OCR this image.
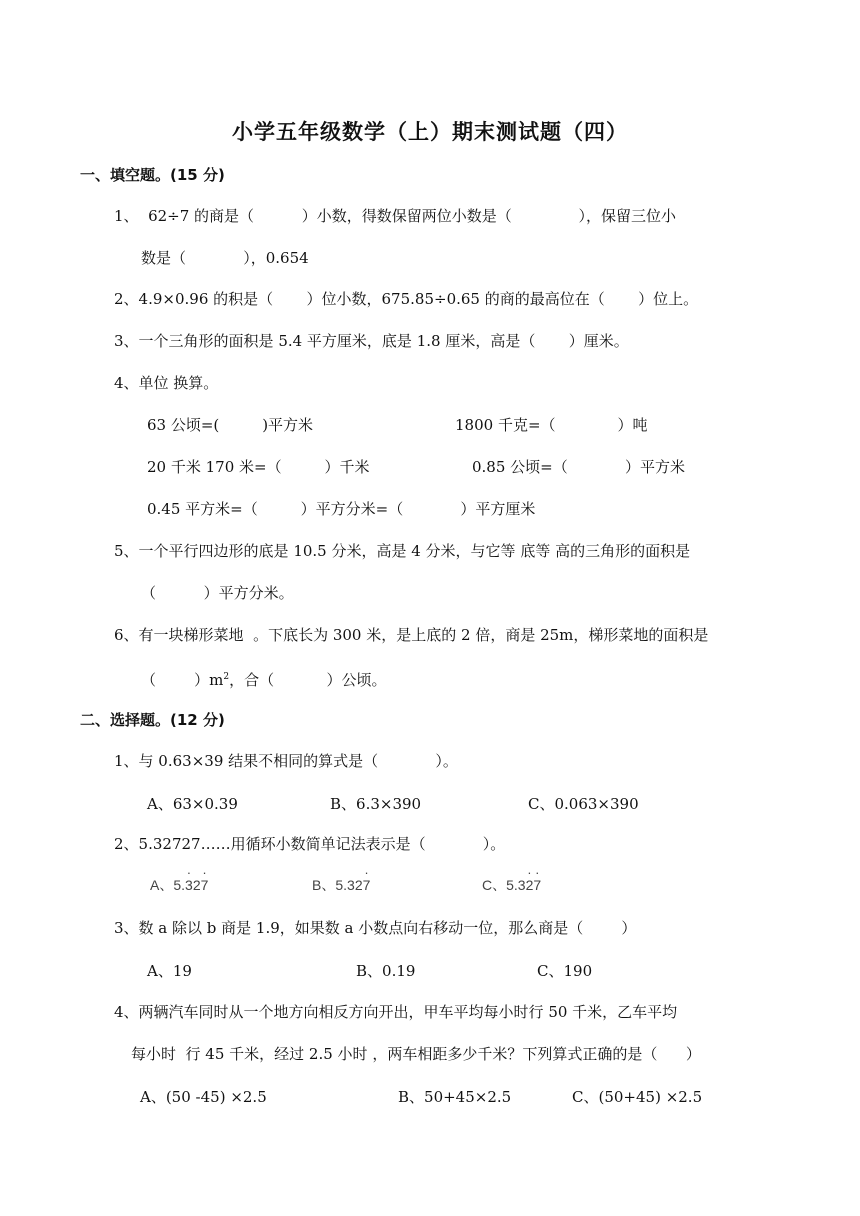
小学五年级数学（上）期末测试题（四）
一、填空题。(15 分)
1、  62÷7 的商是（          ）小数，得数保留两位小数是（              ），保留三位小
数是（            ），0.654
2、4.9×0.96 的积是（       ）位小数，675.85÷0.65 的商的最高位在（       ）位上。
3、一个三角形的面积是 5.4 平方厘米，底是 1.8 厘米，高是（       ）厘米。
4、单位 换算。
63 公顷=(         )平方米	1800 千克=（             ）吨
20 千米 170 米=（         ）千米	0.85 公顷=（            ）平方米
0.45 平方米=（         ）平方分米=（            ）平方厘米
5、一个平行四边形的底是 10.5 分米，高是 4 分米，与它等 底等 高的三角形的面积是
（          ）平方分米。
6、有一块梯形菜地  。下底长为 300 米，是上底的 2 倍，商是 25m，梯形菜地的面积是
（        ）$m^2$，合（           ）公顷。
二、选择题。(12 分)
1、与 0.63×39 结果不相同的算式是（            ）。
A、63×0.39	B、6.3×390	C、0.063×390
2、5.32727……用循环小数简单记法表示是（            ）。
A、5.3
·
27
·
B、5.327
·
C、5.32
·
7
·
3、数 a 除以 b 商是 1.9，如果数 a 小数点向右移动一位，那么商是（        ）
A、19	B、0.19	C、190
4、两辆汽车同时从一个地方向相反方向开出，甲车平均每小时行 50 千米，乙车平均
每小时  行 45 千米，经过 2.5 小时 ，两车相距多少千米？下列算式正确的是（      ）
A、(50 -45) ×2.5	B、50+45×2.5	C、(50+45) ×2.5
